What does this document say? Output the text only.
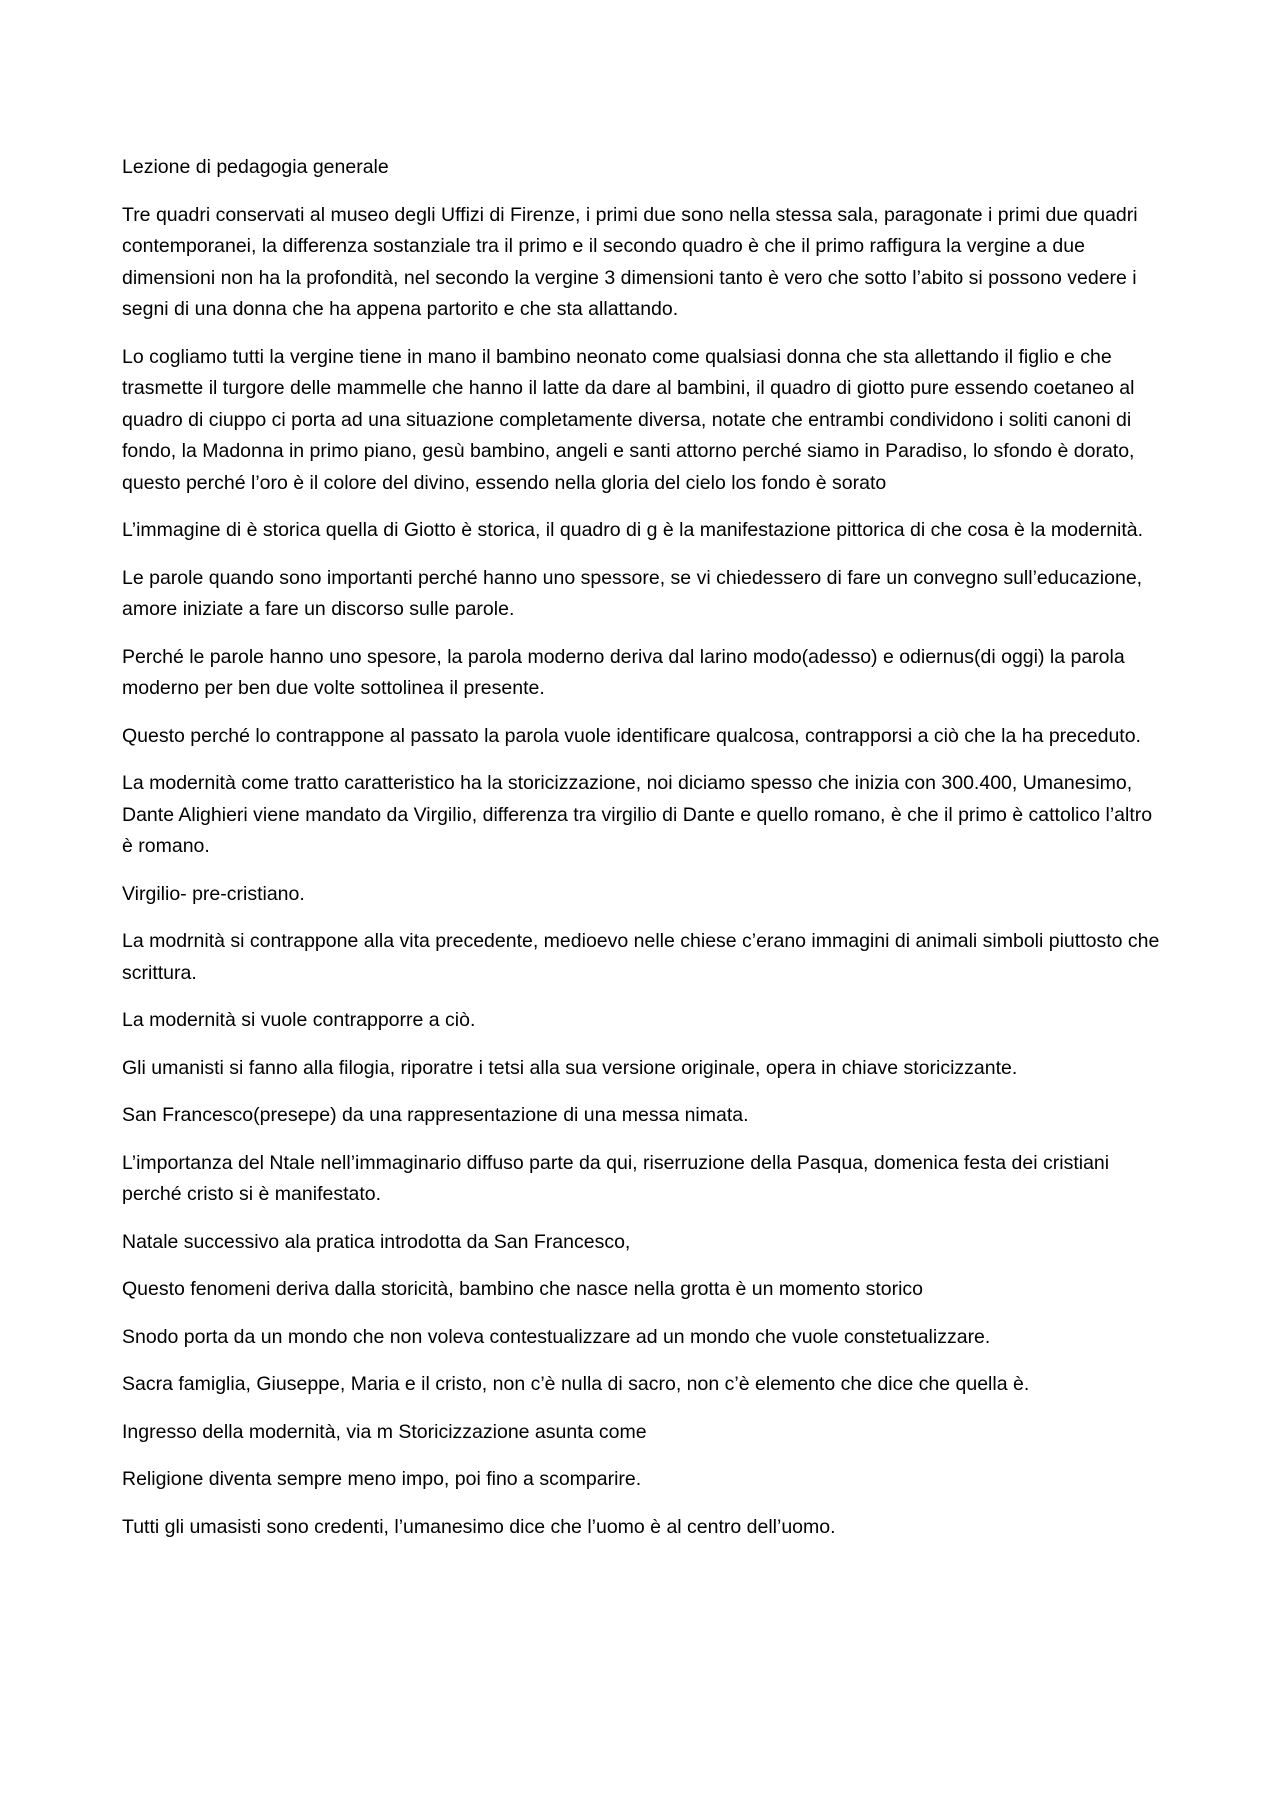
Lezione di pedagogia generale

Tre quadri conservati al museo degli Uffizi di Firenze, i primi due sono nella stessa sala, paragonate i primi due quadri contemporanei, la differenza sostanziale tra il primo e il secondo quadro è che il primo raffigura la vergine a due dimensioni non ha la profondità, nel secondo la vergine 3 dimensioni tanto è vero che sotto l’abito si possono vedere i segni di una donna che ha appena partorito e che sta allattando.

Lo cogliamo tutti la vergine tiene in mano il bambino neonato come qualsiasi donna che sta allettando il figlio e che trasmette il turgore delle mammelle che hanno il latte da dare al bambini, il quadro di giotto pure essendo coetaneo al quadro di ciuppo ci porta ad una situazione completamente diversa, notate che entrambi condividono i soliti canoni di fondo, la Madonna in primo piano, gesù bambino, angeli e santi attorno perché siamo in Paradiso, lo sfondo è dorato, questo perché l’oro è il colore del divino, essendo nella gloria del cielo los fondo è sorato

L’immagine di è storica quella di Giotto è storica, il quadro di g è la manifestazione pittorica di che cosa è la modernità.

Le parole quando sono importanti perché hanno uno spessore, se vi chiedessero di fare un convegno sull’educazione, amore iniziate a fare un discorso sulle parole.

Perché le parole hanno uno spesore, la parola moderno deriva dal larino modo(adesso) e odiernus(di oggi) la parola moderno per ben due volte sottolinea il presente.

Questo perché lo contrappone al passato la parola vuole identificare qualcosa, contrapporsi a ciò che la ha preceduto.

La modernità come tratto caratteristico ha la storicizzazione, noi diciamo spesso che inizia con 300.400, Umanesimo, Dante Alighieri viene mandato da Virgilio, differenza tra virgilio di Dante e quello romano, è che il primo è cattolico l’altro è romano.

Virgilio- pre-cristiano.

La modrnità si contrappone alla vita precedente, medioevo nelle chiese c’erano immagini di animali simboli piuttosto che scrittura.

La modernità si vuole contrapporre a ciò.

Gli umanisti si fanno alla filogia, riporatre i tetsi alla sua versione originale, opera in chiave storicizzante.

San Francesco(presepe) da una rappresentazione di una messa nimata.

L’importanza del Ntale nell’immaginario diffuso parte da qui, riserruzione della Pasqua, domenica festa dei cristiani perché cristo si è manifestato.

Natale successivo ala pratica introdotta da San Francesco,

Questo fenomeni deriva dalla storicità, bambino che nasce nella grotta è un momento storico

Snodo porta da un mondo che non voleva contestualizzare ad un mondo che vuole constetualizzare.

Sacra famiglia, Giuseppe, Maria e il cristo, non c’è nulla di sacro, non c’è elemento che dice che quella è.

Ingresso della modernità, via m Storicizzazione asunta come

Religione diventa sempre meno impo, poi fino a scomparire.

Tutti gli umasisti sono credenti, l’umanesimo dice che l’uomo è al centro dell’uomo.
